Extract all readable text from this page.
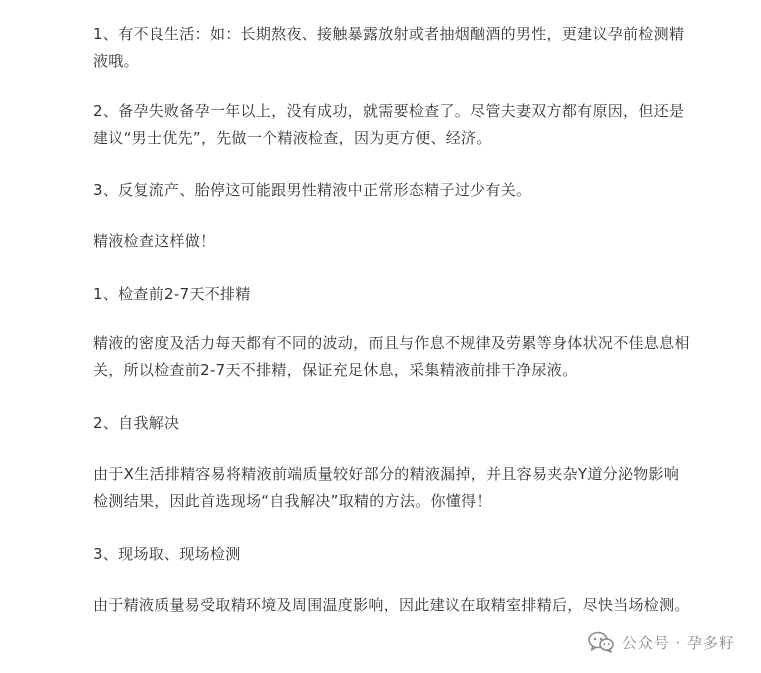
1、有不良生活：如：长期熬夜、接触暴露放射或者抽烟酗酒的男性，更建议孕前检测精液哦。

2、备孕失败备孕一年以上，没有成功，就需要检查了。尽管夫妻双方都有原因，但还是建议“男士优先”，先做一个精液检查，因为更方便、经济。

3、反复流产、胎停这可能跟男性精液中正常形态精子过少有关。

精液检查这样做！

1、检查前2-7天不排精

精液的密度及活力每天都有不同的波动，而且与作息不规律及劳累等身体状况不佳息息相关，所以检查前2-7天不排精，保证充足休息，采集精液前排干净尿液。

2、自我解决

由于X生活排精容易将精液前端质量较好部分的精液漏掉，并且容易夹杂Y道分泌物影响检测结果，因此首选现场“自我解决”取精的方法。你懂得！

3、现场取、现场检测

由于精液质量易受取精环境及周围温度影响，因此建议在取精室排精后，尽快当场检测。

公众号 · 孕多籽
